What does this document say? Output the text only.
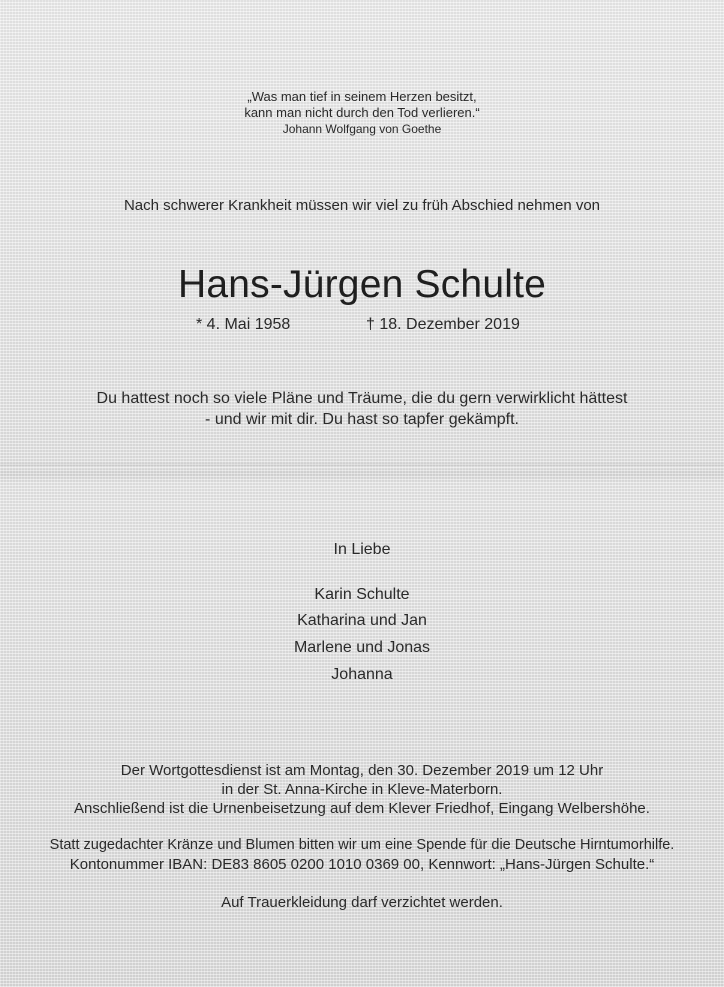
„Was man tief in seinem Herzen besitzt,
kann man nicht durch den Tod verlieren.“
Johann Wolfgang von Goethe
Nach schwerer Krankheit müssen wir viel zu früh Abschied nehmen von
Hans-Jürgen Schulte
* 4. Mai 1958	† 18. Dezember 2019
Du hattest noch so viele Pläne und Träume, die du gern verwirklicht hättest
- und wir mit dir. Du hast so tapfer gekämpft.
In Liebe
Karin Schulte
Katharina und Jan
Marlene und Jonas
Johanna
Der Wortgottesdienst ist am Montag, den 30. Dezember 2019 um 12 Uhr
in der St. Anna-Kirche in Kleve-Materborn.
Anschließend ist die Urnenbeisetzung auf dem Klever Friedhof, Eingang Welbershöhe.
Statt zugedachter Kränze und Blumen bitten wir um eine Spende für die Deutsche Hirntumorhilfe.
Kontonummer IBAN: DE83 8605 0200 1010 0369 00, Kennwort: „Hans-Jürgen Schulte.“
Auf Trauerkleidung darf verzichtet werden.
